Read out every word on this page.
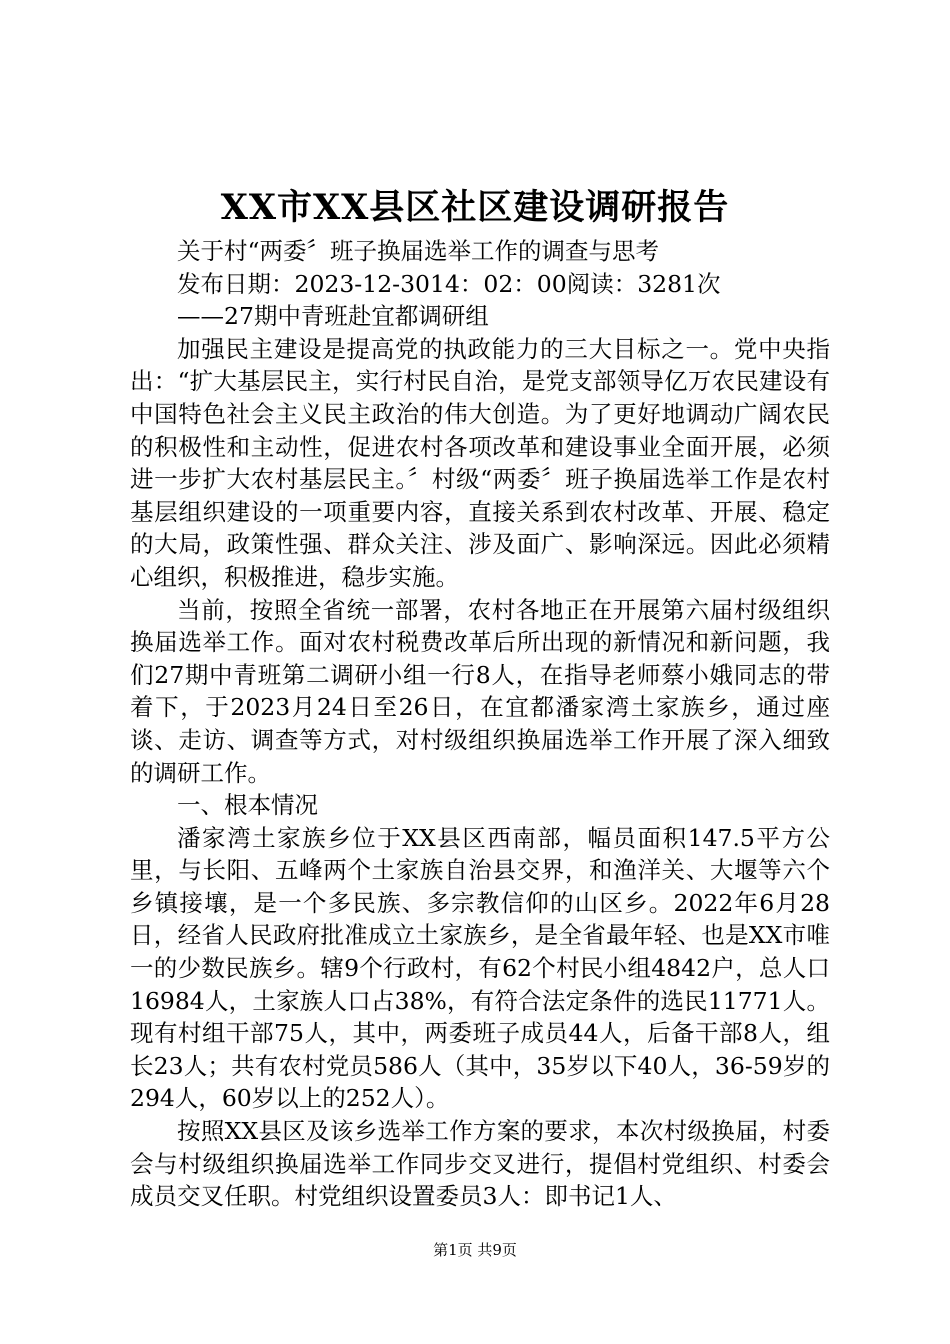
XX市XX县区社区建设调研报告

关于村“两委〞班子换届选举工作的调查与思考

发布日期：2023-12-3014：02：00阅读：3281次

——27期中青班赴宜都调研组

加强民主建设是提高党的执政能力的三大目标之一。党中央指出：“扩大基层民主，实行村民自治，是党支部领导亿万农民建设有中国特色社会主义民主政治的伟大创造。为了更好地调动广阔农民的积极性和主动性，促进农村各项改革和建设事业全面开展，必须进一步扩大农村基层民主。〞村级“两委〞班子换届选举工作是农村基层组织建设的一项重要内容，直接关系到农村改革、开展、稳定的大局，政策性强、群众关注、涉及面广、影响深远。因此必须精心组织，积极推进，稳步实施。

当前，按照全省统一部署，农村各地正在开展第六届村级组织换届选举工作。面对农村税费改革后所出现的新情况和新问题，我们27期中青班第二调研小组一行8人，在指导老师蔡小娥同志的带着下，于2023月24日至26日，在宜都潘家湾土家族乡，通过座谈、走访、调查等方式，对村级组织换届选举工作开展了深入细致的调研工作。

一、根本情况

潘家湾土家族乡位于XX县区西南部，幅员面积147.5平方公里，与长阳、五峰两个土家族自治县交界，和渔洋关、大堰等六个乡镇接壤，是一个多民族、多宗教信仰的山区乡。2022年6月28日，经省人民政府批准成立土家族乡，是全省最年轻、也是XX市唯一的少数民族乡。辖9个行政村，有62个村民小组4842户，总人口16984人，土家族人口占38%，有符合法定条件的选民11771人。现有村组干部75人，其中，两委班子成员44人，后备干部8人，组长23人；共有农村党员586人（其中，35岁以下40人，36-59岁的294人，60岁以上的252人）。

按照XX县区及该乡选举工作方案的要求，本次村级换届，村委会与村级组织换届选举工作同步交叉进行，提倡村党组织、村委会成员交叉任职。村党组织设置委员3人：即书记1人、

第1页 共9页
